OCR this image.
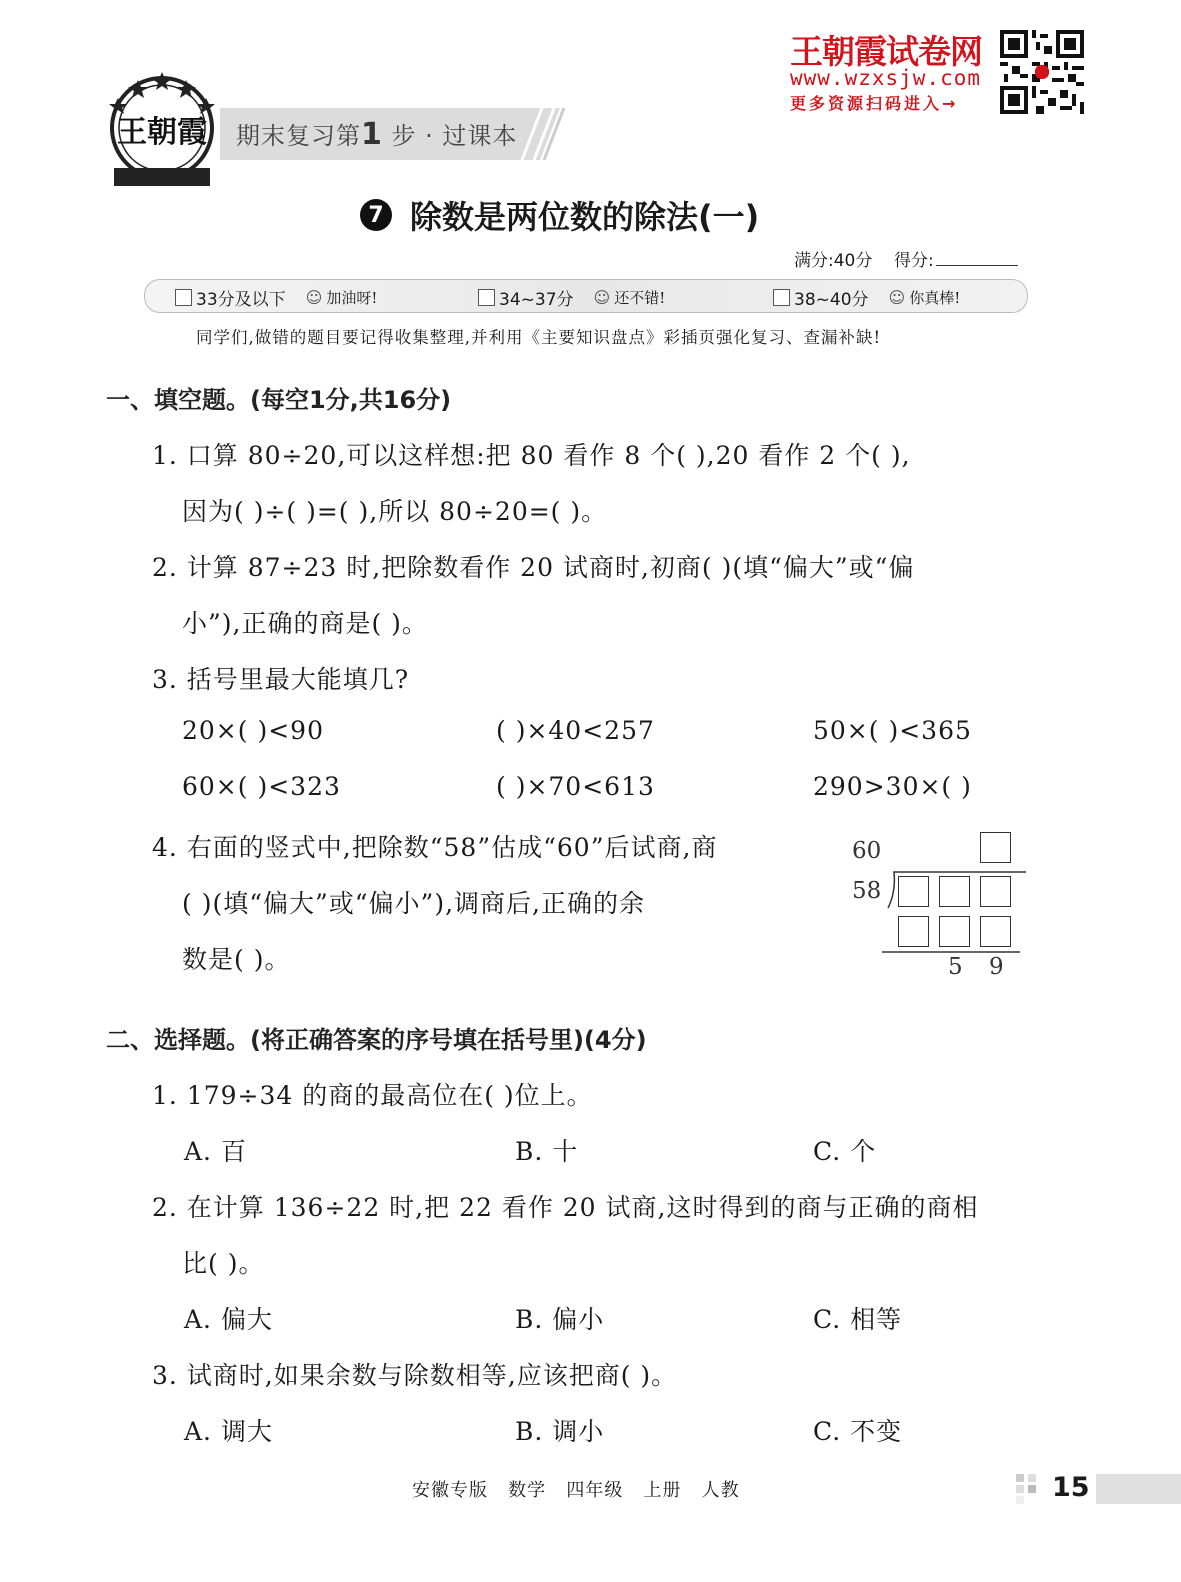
王朝霞 期末复习第1 步 · 过课本
王朝霞试卷网
www.wzxsjw.com
更多资源扫码进入→
7 除数是两位数的除法(一)
满分:40分 得分:
33分及以下 ☺ 加油呀!	34~37分 ☺ 还不错!	38~40分 ☺ 你真棒!
同学们,做错的题目要记得收集整理,并利用《主要知识盘点》彩插页强化复习、查漏补缺!
一、填空题。(每空1分,共16分)
1. 口算 80÷20,可以这样想:把 80 看作 8 个( ),20 看作 2 个( ),
因为( )÷( )=( ),所以 80÷20=( )。
2. 计算 87÷23 时,把除数看作 20 试商时,初商( )(填“偏大”或“偏
小”),正确的商是( )。
3. 括号里最大能填几?
20×( )<90	( )×40<257	50×( )<365
60×( )<323	( )×70<613	290>30×( )
4. 右面的竖式中,把除数“58”估成“60”后试商,商
( )(填“偏大”或“偏小”),调商后,正确的余
数是( )。
60
58
5 9
二、选择题。(将正确答案的序号填在括号里)(4分)
1. 179÷34 的商的最高位在( )位上。
A. 百	B. 十	C. 个
2. 在计算 136÷22 时,把 22 看作 20 试商,这时得到的商与正确的商相
比( )。
A. 偏大	B. 偏小	C. 相等
3. 试商时,如果余数与除数相等,应该把商( )。
A. 调大	B. 调小	C. 不变
安徽专版   数学   四年级   上册   人教	15
